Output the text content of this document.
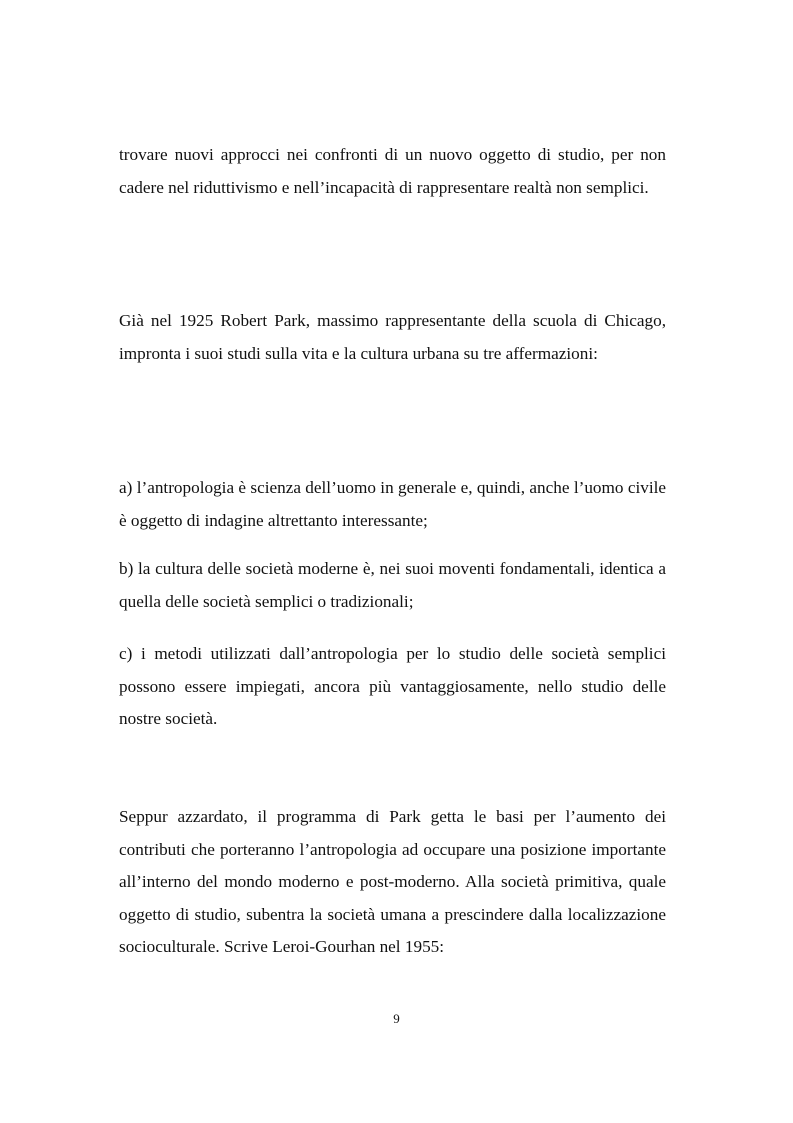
trovare nuovi approcci nei confronti di un nuovo oggetto di studio, per non cadere nel riduttivismo e nell’incapacità di rappresentare realtà non semplici.

Già nel 1925 Robert Park, massimo rappresentante della scuola di Chicago, impronta i suoi studi sulla vita e la cultura urbana su tre affermazioni:

a) l’antropologia è scienza dell’uomo in generale e, quindi, anche l’uomo civile è oggetto di indagine altrettanto interessante;

b) la cultura delle società moderne è, nei suoi moventi fondamentali, identica a quella delle società semplici o tradizionali;

c) i metodi utilizzati dall’antropologia per lo studio delle società semplici possono essere impiegati, ancora più vantaggiosamente, nello studio delle nostre società.

Seppur azzardato, il programma di Park getta le basi per l’aumento dei contributi che porteranno l’antropologia ad occupare una posizione importante all’interno del mondo moderno e post-moderno. Alla società primitiva, quale oggetto di studio, subentra la società umana a prescindere dalla localizzazione socioculturale. Scrive Leroi-Gourhan nel 1955:

9
